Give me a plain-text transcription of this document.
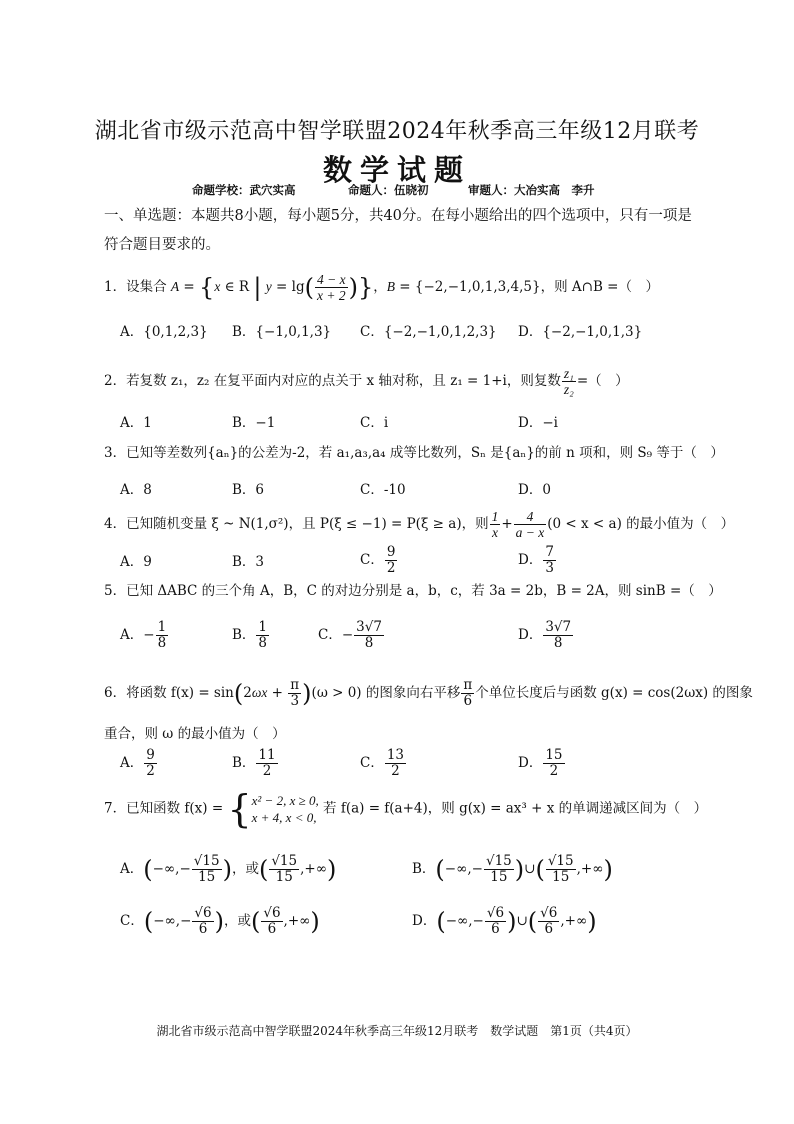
湖北省市级示范高中智学联盟2024年秋季高三年级12月联考
数学试题
命题学校：武穴实高	命题人：伍晓初	审题人：大冶实高　李升
一、单选题：本题共8小题，每小题5分，共40分。在每小题给出的四个选项中，只有一项是符合题目要求的。
1．设集合 A = {x ∈ R | $y = \lg( \frac{4 - x}{x + 2}$ )}，B = {−2,−1,0,1,3,4,5}，则 A∩B =（　）
A．{0,1,2,3} B．{−1,0,1,3} C．{−2,−1,0,1,2,3} D．{−2,−1,0,1,3}
2．若复数 z₁，z₂ 在复平面内对应的点关于 x 轴对称，且 z₁ = 1+i，则复数 $\frac{\text{z₁}}{\text{z₂}}$ =（　）
A．1	B．−1	C．i	D．−i
3．已知等差数列{aₙ}的公差为-2，若 a₁,a₃,a₄ 成等比数列，Sₙ 是{aₙ}的前 n 项和，则 S₉ 等于（　）
A．8	B．6	C．-10	D．0
4．已知随机变量 ξ ~ N(1,σ²)，且 P(ξ ≤ −1) = P(ξ ≥ a)，则 $\frac{1}{x} + \frac{4}{a - x} (0 < x < a)$ 的最小值为（　）
A．9	B．3	C． $\frac{9}{2}$	D． $\frac{7}{3}$
5．已知 ΔABC 的三个角 A，B，C 的对边分别是 a，b，c，若 3a = 2b，B = 2A，则 sinB =（　）
A．− $\frac{1}{8}$	B． $\frac{1}{8}$	C．− $\frac{3√7}{8}$	D． $\frac{3√7}{8}$
6．将函数 $f(x) = \sin(2\omega x + \frac{\pi}{3} )(\omega > 0)$ 的图象向右平移 $\frac{\pi}{6}$ 个单位长度后与函数 g(x) = cos(2ωx) 的图象
重合，则 ω 的最小值为（　）
A． $\frac{9}{2}$	B． $\frac{11}{2}$	C． $\frac{13}{2}$	D． $\frac{15}{2}$
7．已知函数 f(x) = {x² − 2, x ≥ 0,
x + 4, x < 0, 若 f(a) = f(a+4)，则 g(x) = ax³ + x 的单调递减区间为（　）
A．(−∞,− $\frac{√15}{15}$ )，或( $\frac{√15}{15}$ ,+∞)	B．(−∞,− $\frac{√15}{15}$ )∪( $\frac{√15}{15}$ ,+∞)
C．(−∞,− $\frac{√6}{6}$ )，或( $\frac{√6}{6}$ ,+∞)	D．(−∞,− $\frac{√6}{6}$ )∪( $\frac{√6}{6}$ ,+∞)
湖北省市级示范高中智学联盟2024年秋季高三年级12月联考　数学试题　第1页（共4页）
